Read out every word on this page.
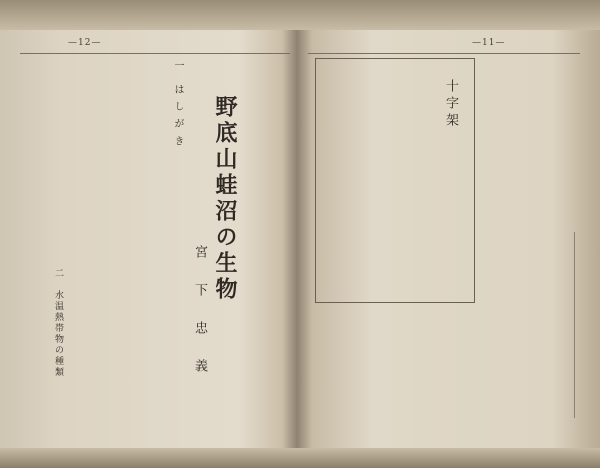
—12—
野底山蛙沼の生物
宮　下　忠　義
一　は し が き
二　水温熱帯物の種類
—11—
十字架
